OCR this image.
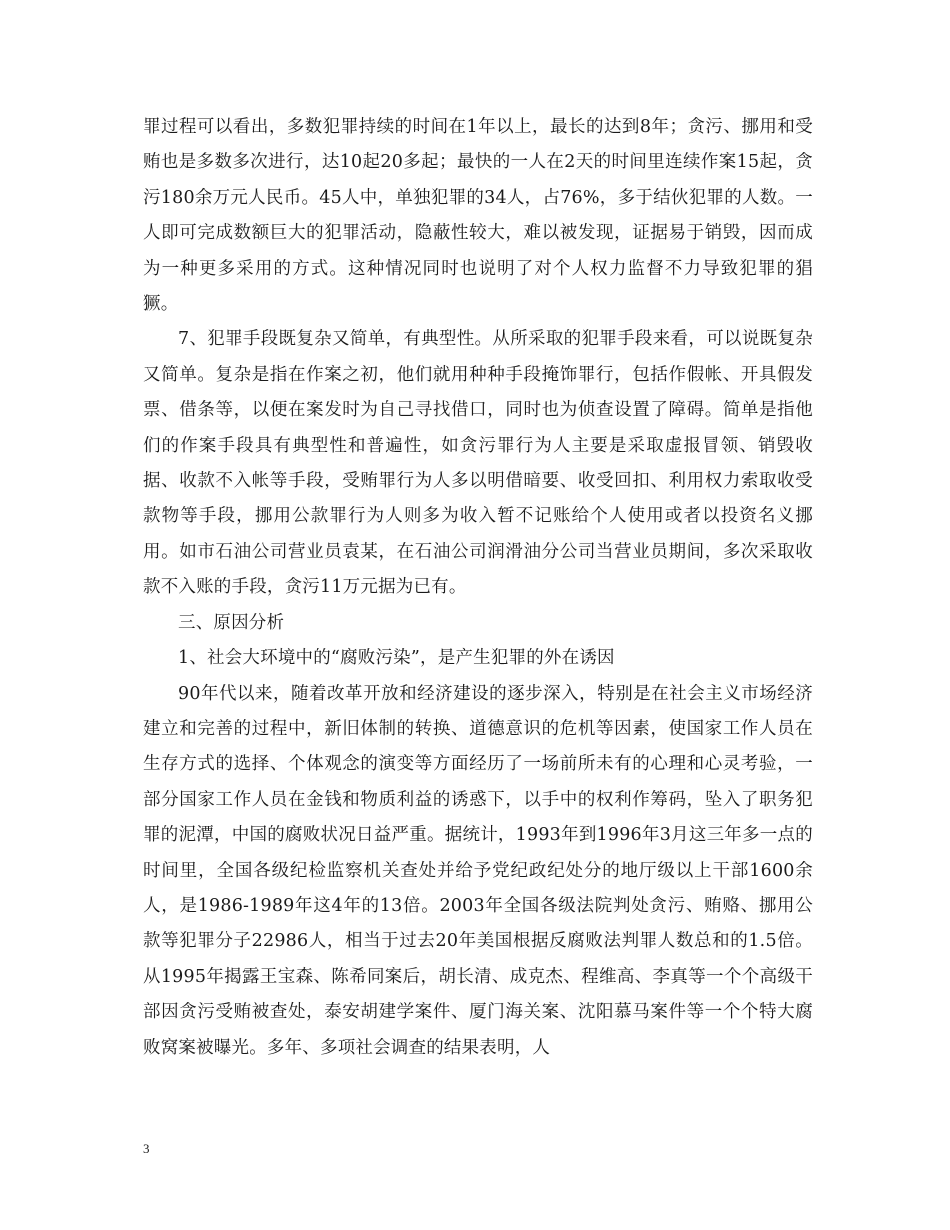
罪过程可以看出，多数犯罪持续的时间在1年以上，最长的达到8年；贪污、挪用和受贿也是多数多次进行，达10起20多起；最快的一人在2天的时间里连续作案15起，贪污180余万元人民币。45人中，单独犯罪的34人，占76%，多于结伙犯罪的人数。一人即可完成数额巨大的犯罪活动，隐蔽性较大，难以被发现，证据易于销毁，因而成为一种更多采用的方式。这种情况同时也说明了对个人权力监督不力导致犯罪的猖獗。

7、犯罪手段既复杂又简单，有典型性。从所采取的犯罪手段来看，可以说既复杂又简单。复杂是指在作案之初，他们就用种种手段掩饰罪行，包括作假帐、开具假发票、借条等，以便在案发时为自己寻找借口，同时也为侦查设置了障碍。简单是指他们的作案手段具有典型性和普遍性，如贪污罪行为人主要是采取虚报冒领、销毁收据、收款不入帐等手段，受贿罪行为人多以明借暗要、收受回扣、利用权力索取收受款物等手段，挪用公款罪行为人则多为收入暂不记账给个人使用或者以投资名义挪用。如市石油公司营业员袁某，在石油公司润滑油分公司当营业员期间，多次采取收款不入账的手段，贪污11万元据为已有。

三、原因分析

1、社会大环境中的“腐败污染”，是产生犯罪的外在诱因

90年代以来，随着改革开放和经济建设的逐步深入，特别是在社会主义市场经济建立和完善的过程中，新旧体制的转换、道德意识的危机等因素，使国家工作人员在生存方式的选择、个体观念的演变等方面经历了一场前所未有的心理和心灵考验，一部分国家工作人员在金钱和物质利益的诱惑下，以手中的权利作筹码，坠入了职务犯罪的泥潭，中国的腐败状况日益严重。据统计，1993年到1996年3月这三年多一点的时间里，全国各级纪检监察机关查处并给予党纪政纪处分的地厅级以上干部1600余人，是1986-1989年这4年的13倍。2003年全国各级法院判处贪污、贿赂、挪用公款等犯罪分子22986人，相当于过去20年美国根据反腐败法判罪人数总和的1.5倍。从1995年揭露王宝森、陈希同案后，胡长清、成克杰、程维高、李真等一个个高级干部因贪污受贿被查处，泰安胡建学案件、厦门海关案、沈阳慕马案件等一个个特大腐败窝案被曝光。多年、多项社会调查的结果表明，人

3
